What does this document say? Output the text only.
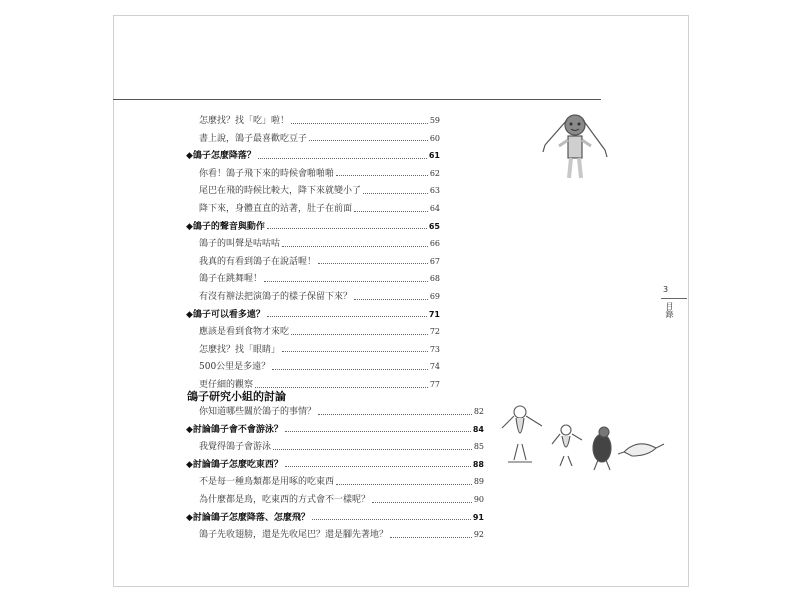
怎麼找？找「吃」啦！	59
書上說，鴿子最喜歡吃豆子	60
◆鴿子怎麼降落？	61
你看！鴿子飛下來的時候會啪啪啪	62
尾巴在飛的時候比較大，降下來就變小了	63
降下來，身體直直的站著，肚子在前面	64
◆鴿子的聲音與動作	65
鴿子的叫聲是咕咕咕	66
我真的有看到鴿子在說話喔！	67
鴿子在跳舞喔！	68
有沒有辦法把演鴿子的樣子保留下來？	69
◆鴿子可以看多遠？	71
應該是看到食物才來吃	72
怎麼找？找「眼睛」	73
500公里是多遠？	74
更仔細的觀察	77
你知道哪些關於鴿子的事情？	82
◆討論鴿子會不會游泳？	84
我覺得鴿子會游泳	85
◆討論鴿子怎麼吃東西？	88
不是每一種鳥類都是用啄的吃東西	89
為什麼都是鳥，吃東西的方式會不一樣呢？	90
◆討論鴿子怎麼降落、怎麼飛？	91
鴿子先收翅膀，還是先收尾巴？還是腳先著地？	92
鴿子研究小組的討論
3
目錄
